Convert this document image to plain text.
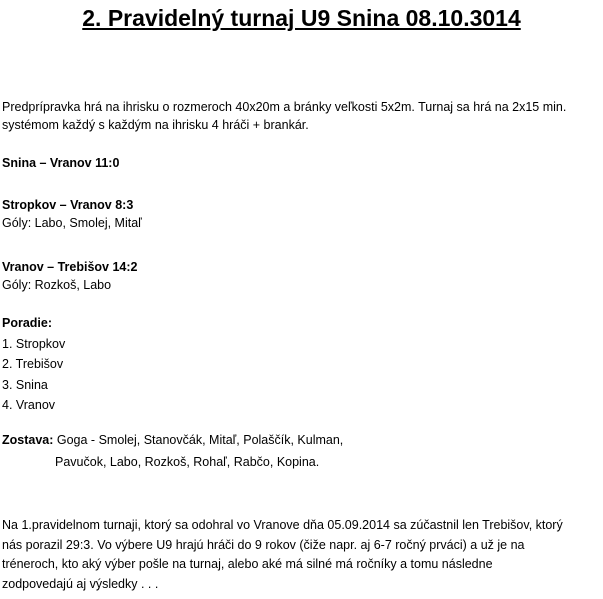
2. Pravidelný turnaj U9 Snina 08.10.3014
Predprípravka hrá na ihrisku o rozmeroch 40x20m a bránky veľkosti 5x2m. Turnaj sa hrá na 2x15 min.
systémom každý s každým na ihrisku 4 hráči + brankár.
Snina – Vranov 11:0
Stropkov – Vranov 8:3
Góly: Labo, Smolej, Mitaľ
Vranov – Trebišov 14:2
Góly: Rozkoš, Labo
Poradie:
1. Stropkov
2. Trebišov
3. Snina
4. Vranov
Zostava: Goga - Smolej, Stanovčák, Mitaľ, Polaščík, Kulman,
Pavučok, Labo, Rozkoš, Rohaľ, Rabčo, Kopina.
Na 1.pravidelnom turnaji, ktorý sa odohral vo Vranove dňa 05.09.2014 sa zúčastnil len Trebišov, ktorý
nás porazil 29:3. Vo výbere U9 hrajú hráči do 9 rokov (čiže napr. aj 6-7 ročný prváci) a už je na
tréneroch, kto aký výber pošle na turnaj, alebo aké má silné má ročníky a tomu následne
zodpovedajú aj výsledky . . .
